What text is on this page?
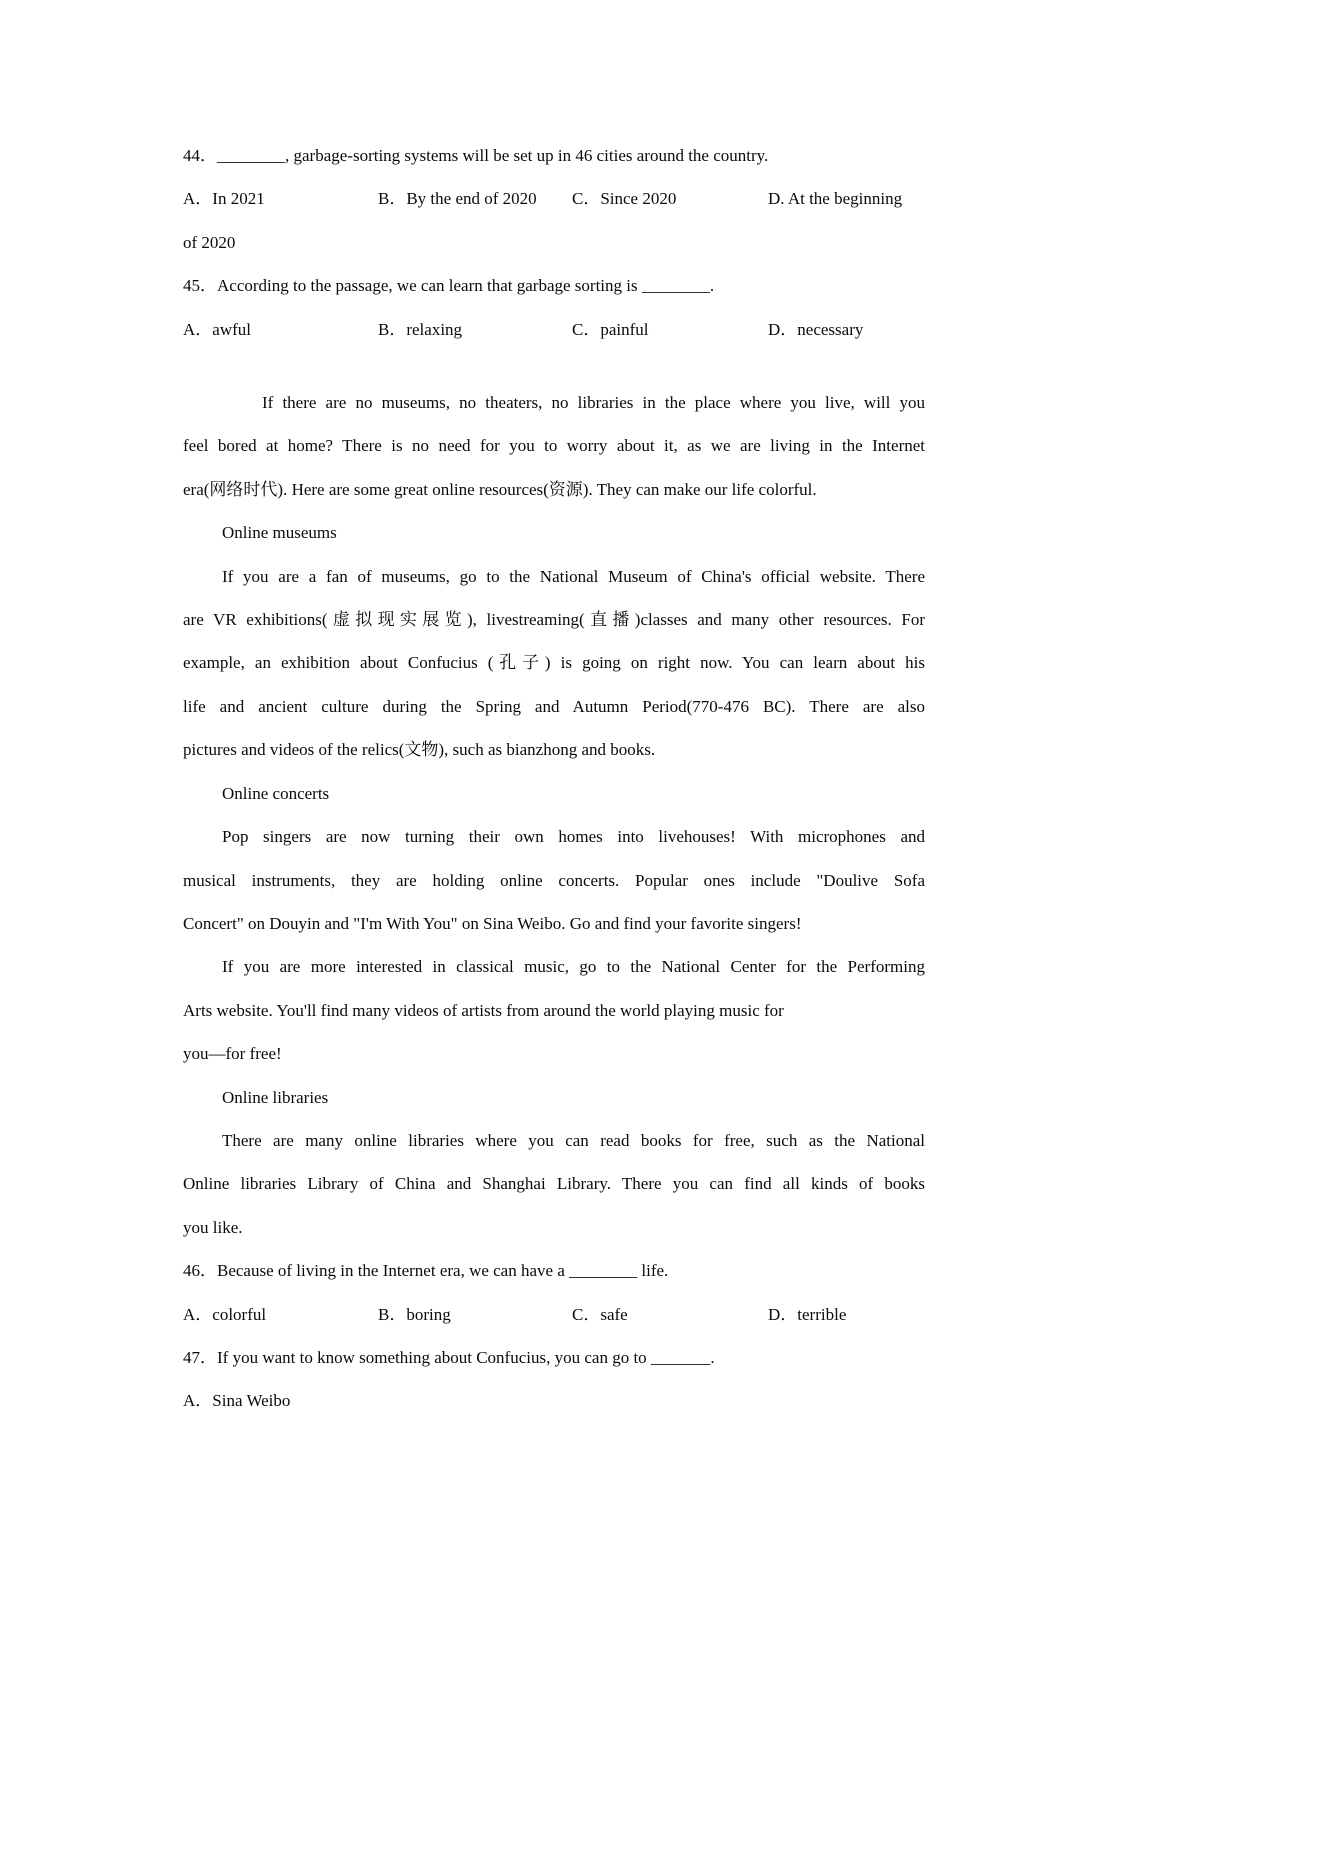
44．________, garbage-sorting systems will be set up in 46 cities around the country.
A．In 2021	B．By the end of 2020	C．Since 2020	D. At the beginning
of 2020
45．According to the passage, we can learn that garbage sorting is ________.
A．awful	B．relaxing	C．painful	D．necessary
If there are no museums, no theaters, no libraries in the place where you live, will you
feel bored at home? There is no need for you to worry about it, as we are living in the Internet
era(网络时代). Here are some great online resources(资源). They can make our life colorful.
Online museums
If you are a fan of museums, go to the National Museum of China's official website. There
are VR exhibitions(虚拟现实展览), livestreaming(直播)classes and many other resources. For
example, an exhibition about Confucius (孔子) is going on right now. You can learn about his
life and ancient culture during the Spring and Autumn Period(770-476 BC). There are also
pictures and videos of the relics(文物), such as bianzhong and books.
Online concerts
Pop singers are now turning their own homes into livehouses! With microphones and
musical instruments, they are holding online concerts. Popular ones include "Doulive Sofa
Concert" on Douyin and "I'm With You" on Sina Weibo. Go and find your favorite singers!
If you are more interested in classical music, go to the National Center for the Performing
Arts website. You'll find many videos of artists from around the world playing music for
you—for free!
Online libraries
There are many online libraries where you can read books for free, such as the National
Online libraries Library of China and Shanghai Library. There you can find all kinds of books
you like.
46．Because of living in the Internet era, we can have a ________ life.
A．colorful	B．boring	C．safe	D．terrible
47．If you want to know something about Confucius, you can go to _______.
A．Sina Weibo
